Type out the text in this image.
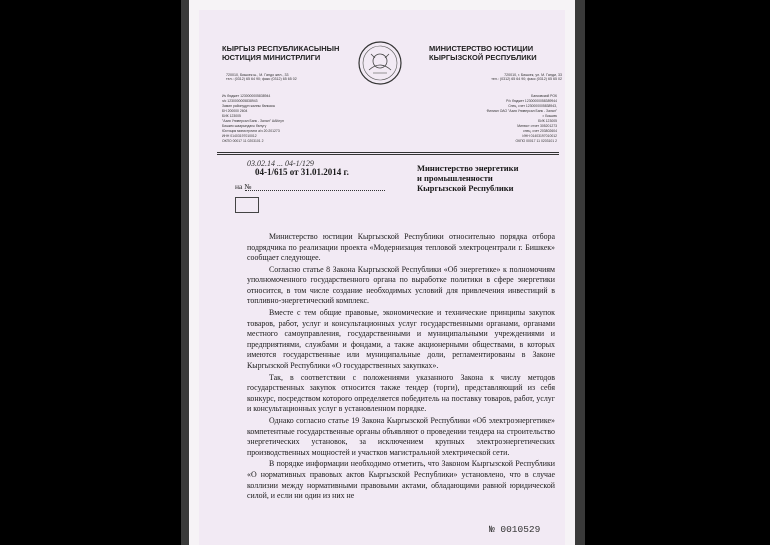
КЫРГЫЗ РЕСПУБЛИКАСЫНЫН
ЮСТИЦИЯ МИНИСТРЛИГИ
МИНИСТЕРСТВО ЮСТИЦИИ
КЫРГЫЗСКОЙ РЕСПУБЛИКИ
720010, Бишкек ш., М. Гандо жел., 33
тел.: (0312) 65 64 90; факс (0312) 65 65 02
720010, г. Бишкек, ул. М. Ганди, 33
тел.: (0312) 65 64 90; факс (0312) 65 65 02
Ич бюджет 1230000005838944
э/с 1230000005838943
Замин районудун жалпы банкасы
БН 200000 2604
БИК 123005
"Азия Универсал Банк - Залал" ААКнун
Бишкек шаарындагы бөлүгү
Юстиция министрлиги а/ч 20:201273
ИНН 01403197010012
ОКПО 00017 11 0203101 2
Банковский РОК
Р/с бюджет 12300000058389944
Спец. счет 1230000005838943,
Филиал ОАО "Азия Универсал Банк - Залал"
г. Бишкек
БИК 123005
Минюст отчет 305201273
спец. счет 203802604
ИНН 01403197010012
ОКПО 00017 11 0203101 2
03.02.14 ... 04-1/129
04-1/615 от 31.01.2014 г.
на №
Министерство энергетики
и промышленности
Кыргызской Республики

Министерство юстиции Кыргызской Республики относительно порядка отбора подрядчика по реализации проекта «Модернизация тепловой электроцентрали г. Бишкек» сообщает следующее.

Согласно статье 8 Закона Кыргызской Республики «Об энергетике» к полномочиям уполномоченного государственного органа по выработке политики в сфере энергетики относится, в том числе создание необходимых условий для привлечения инвестиций в топливно-энергетический комплекс.

Вместе с тем общие правовые, экономические и технические принципы закупок товаров, работ, услуг и консультационных услуг государственными органами, органами местного самоуправления, государственными и муниципальными учреждениями и предприятиями, службами и фондами, а также акционерными обществами, в которых имеются государственные или муниципальные доли, регламентированы в Законе Кыргызской Республики «О государственных закупках».

Так, в соответствии с положениями указанного Закона к числу методов государственных закупок относится также тендер (торги), представляющий из себя конкурс, посредством которого определяется победитель на поставку товаров, работ, услуг и консультационных услуг в установленном порядке.

Однако согласно статье 19 Закона Кыргызской Республики «Об электроэнергетике» компетентные государственные органы объявляют о проведении тендера на строительство энергетических установок, за исключением крупных электроэнергетических производственных мощностей и участков магистральной электрической сети.

В порядке информации необходимо отметить, что Законом Кыргызской Республики «О нормативных правовых актов Кыргызской Республики» установлено, что в случае коллизии между нормативными правовыми актами, обладающими равной юридической силой, и если ни один из них не

№ 0010529
